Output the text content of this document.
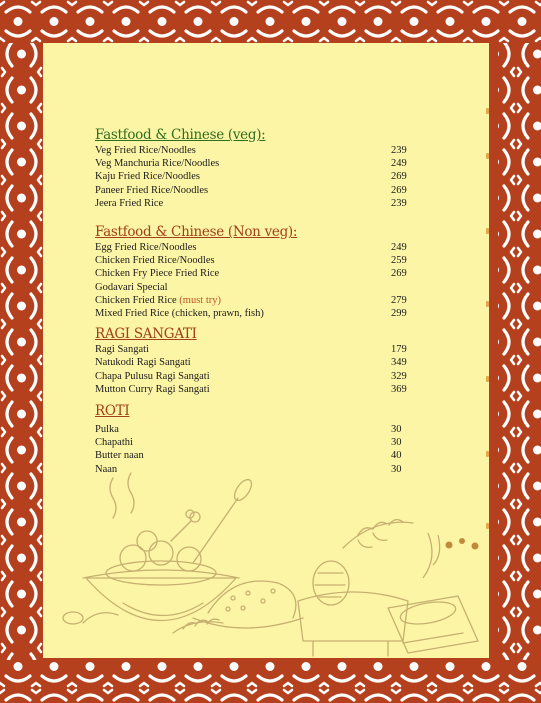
Fastfood & Chinese (veg):
Veg Fried Rice/Noodles	239
Veg Manchuria Rice/Noodles	249
Kaju Fried Rice/Noodles	269
Paneer Fried Rice/Noodles	269
Jeera Fried Rice	239
Fastfood & Chinese (Non veg):
Egg Fried Rice/Noodles	249
Chicken Fried Rice/Noodles	259
Chicken Fry Piece Fried Rice	269
Godavari Special
Chicken Fried Rice (must try)	279
Mixed Fried Rice (chicken, prawn, fish)	299
RAGI SANGATI
Ragi Sangati	179
Natukodi Ragi Sangati	349
Chapa Pulusu Ragi Sangati	329
Mutton Curry Ragi Sangati	369
ROTI
Pulka	30
Chapathi	30
Butter naan	40
Naan	30
